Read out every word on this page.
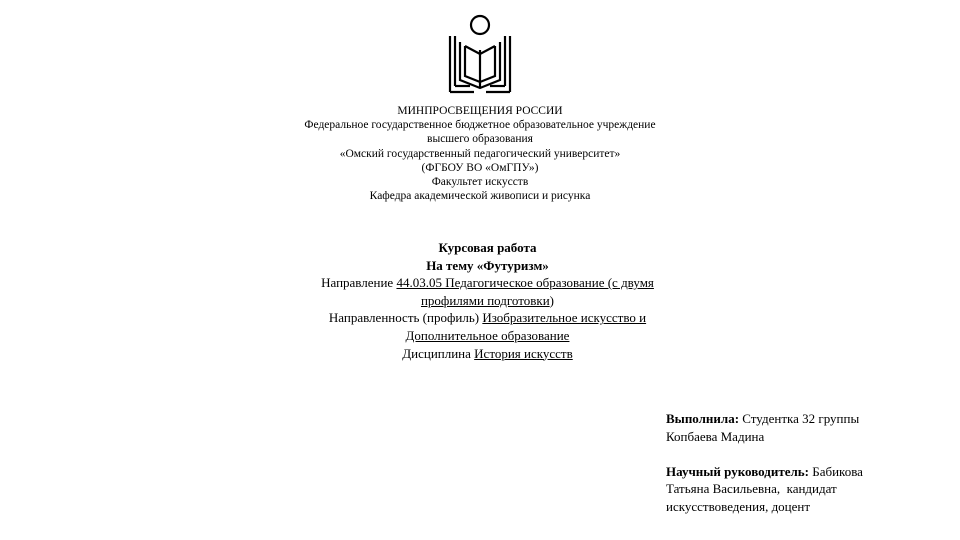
МИНПРОСВЕЩЕНИЯ РОССИИ
Федеральное государственное бюджетное образовательное учреждение
высшего образования
«Омский государственный педагогический университет»
(ФГБОУ ВО «ОмГПУ»)
Факультет искусств
Кафедра академической живописи и рисунка
Курсовая работа
На тему «Футуризм»
Направление 44.03.05 Педагогическое образование (с двумя
профилями подготовки)
Направленность (профиль) Изобразительное искусство и
Дополнительное образование
Дисциплина История искусств
Выполнила: Студентка 32 группы
Копбаева Мадина
Научный руководитель: Бабикова
Татьяна Васильевна,  кандидат
искусствоведения, доцент
